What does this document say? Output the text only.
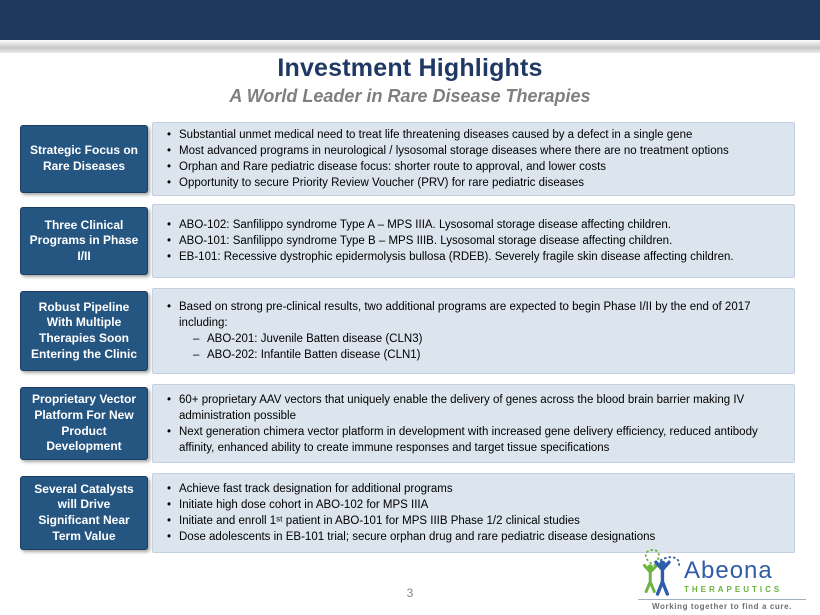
Investment Highlights
A World Leader in Rare Disease Therapies
Strategic Focus on Rare Diseases
• Substantial unmet medical need to treat life threatening diseases caused by a defect in a single gene
• Most advanced programs in neurological / lysosomal storage diseases where there are no treatment options
• Orphan and Rare pediatric disease focus: shorter route to approval, and lower costs
• Opportunity to secure Priority Review Voucher (PRV) for rare pediatric diseases
Three Clinical Programs in Phase I/II
• ABO-102: Sanfilippo syndrome Type A – MPS IIIA. Lysosomal storage disease affecting children.
• ABO-101: Sanfilippo syndrome Type B – MPS IIIB. Lysosomal storage disease affecting children.
• EB-101: Recessive dystrophic epidermolysis bullosa (RDEB). Severely fragile skin disease affecting children.
Robust Pipeline With Multiple Therapies Soon Entering the Clinic
• Based on strong pre-clinical results, two additional programs are expected to begin Phase I/II by the end of 2017 including:
– ABO-201: Juvenile Batten disease (CLN3)
– ABO-202: Infantile Batten disease (CLN1)
Proprietary Vector Platform For New Product Development
• 60+ proprietary AAV vectors that uniquely enable the delivery of genes across the blood brain barrier making IV administration possible
• Next generation chimera vector platform in development with increased gene delivery efficiency, reduced antibody affinity, enhanced ability to create immune responses and target tissue specifications
Several Catalysts will Drive Significant Near Term Value
• Achieve fast track designation for additional programs
• Initiate high dose cohort in ABO-102 for MPS IIIA
• Initiate and enroll 1ˢᵗ patient in ABO-101 for MPS IIIB Phase 1/2 clinical studies
• Dose adolescents in EB-101 trial; secure orphan drug and rare pediatric disease designations
3
Abeona
THERAPEUTICS
Working together to find a cure.
